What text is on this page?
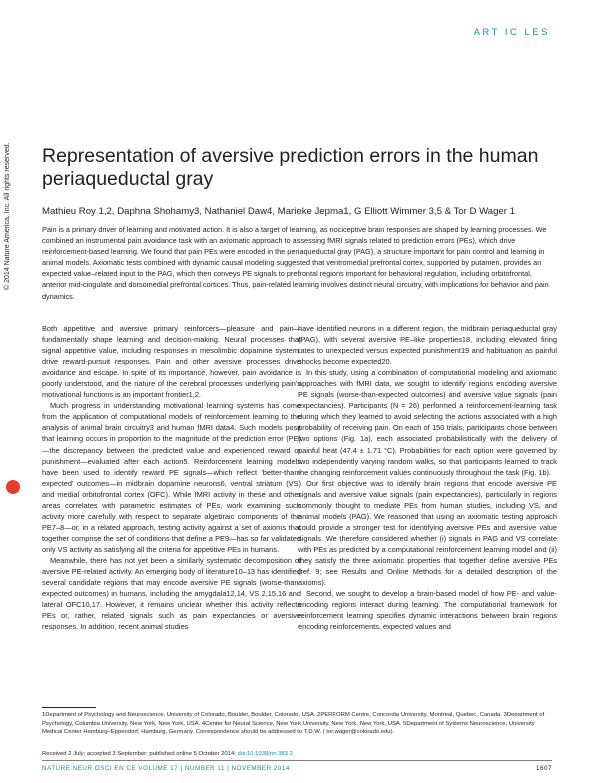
ART IC LES
Representation of aversive prediction errors in the human periaqueductal gray
Mathieu Roy 1,2, Daphna Shohamy3, Nathaniel Daw4, Marieke Jepma1, G Elliott Wimmer 3,5 & Tor D Wager 1

Pain is a primary driver of learning and motivated action. It is also a target of learning, as nociceptive brain responses are shaped by learning processes. We combined an instrumental pain avoidance task with an axiomatic approach to assessing fMRI signals related to prediction errors (PEs), which drive reinforcement-based learning. We found that pain PEs were encoded in the periaqueductal gray (PAG), a structure important for pain control and learning in animal models. Axiomatic tests combined with dynamic causal modeling suggested that ventromedial prefrontal cortex, supported by putamen, provides an expected value–related input to the PAG, which then conveys PE signals to prefrontal regions important for behavioral regulation, including orbitofrontal, anterior mid-cingulate and dorsomedial prefrontal cortices. Thus, pain-related learning involves distinct neural circuitry, with implications for behavior and pain dynamics.

© 2014 Nature America, Inc. All rights reserved.

Both appetitive and aversive primary reinforcers—pleasure and pain—fundamentally shape learning and decision-making. Neural processes that signal appetitive value, including responses in mesolimbic dopamine system, drive reward-pursuit responses. Pain and other aversive processes drive avoidance and escape. In spite of its importance, however, pain avoidance is poorly understood, and the nature of the cerebral processes underlying pain's motivational functions is an important frontier1,2.

Much progress in understanding motivational learning systems has come from the application of computational models of reinforcement learning to the analysis of animal brain circuitry3 and human fMRI data4. Such models posit that learning occurs in proportion to the magnitude of the prediction error (PE)—the discrepancy between the predicted value and experienced reward or punishment—evaluated after each action5. Reinforcement learning models have been used to identify reward PE signals—which reflect 'better-than-expected' outcomes—in midbrain dopamine neurons6, ventral striatum (VS) and medial orbitofrontal cortex (OFC). While fMRI activity in these and other areas correlates with parametric estimates of PEs, work examining such activity more carefully with respect to separate algebraic components of the PE7–8—or, in a related approach, testing activity against a set of axioms that together comprise the set of conditions that define a PE9—has so far validated only VS activity as satisfying all the criteria for appetitive PEs in humans.

Meanwhile, there has not yet been a similarly systematic decomposition of aversive PE-related activity. An emerging body of literature10–13 has identified several candidate regions that may encode aversive PE signals (worse-than-expected outcomes) in humans, including the amygdala12,14, VS 2,15,16 and lateral OFC10,17. However, it remains unclear whether this activity reflects PEs or, rather, related signals such as pain expectancies or aversive responses. In addition, recent animal studies

have identified neurons in a different region, the midbrain periaqueductal gray (PAG), with several aversive PE–like properties18, including elevated firing rates to unexpected versus expected punishment19 and habituation as painful shocks become expected20.

In this study, using a combination of computational modeling and axiomatic approaches with fMRI data, we sought to identify regions encoding aversive PE signals (worse-than-expected outcomes) and aversive value signals (pain expectancies). Participants (N = 26) performed a reinforcement-learning task during which they learned to avoid selecting the actions associated with a high probability of receiving pain. On each of 150 trials, participants chose between two options (Fig. 1a), each associated probabilistically with the delivery of painful heat (47.4 ± 1.71 °C). Probabilities for each option were governed by two independently varying random walks, so that participants learned to track the changing reinforcement values continuously throughout the task (Fig. 1b).

Our first objective was to identify brain regions that encode aversive PE signals and aversive value signals (pain expectancies), particularly in regions commonly thought to mediate PEs from human studies, including VS, and animal models (PAG). We reasoned that using an axiomatic testing approach could provide a stronger test for identifying aversive PEs and aversive value signals. We therefore considered whether (i) signals in PAG and VS correlate with PEs as predicted by a computational reinforcement learning model and (ii) they satisfy the three axiomatic properties that together define aversive PEs (ref. 9; see Results and Online Methods for a detailed description of the axioms).

Second, we sought to develop a brain-based model of how PE- and value-encoding regions interact during learning. The computational framework for reinforcement learning specifies dynamic interactions between brain regions encoding reinforcements, expected values and

1Department of Psychology and Neuroscience, University of Colorado, Boulder, Boulder, Colorado, USA. 2PERFORM Centre, Concordia University, Montreal, Quebec, Canada. 3Department of Psychology, Columbia University, New York, New York, USA. 4Center for Neural Science, New York University, New York, New York, USA. 5Department of Systems Neuroscience, University Medical Center Hamburg–Eppendorf, Hamburg, Germany. Correspondence should be addressed to T.D.W. ( tor.wager@colorado.edu).

Received 2 July; accepted 3 September; published online 5 October 2014; doi:10.1038/nn.383 2
NATURE NEUR OSCI EN CE VOLUME 17 | NUMBER 11 | NOVEMBER 2014	1607
